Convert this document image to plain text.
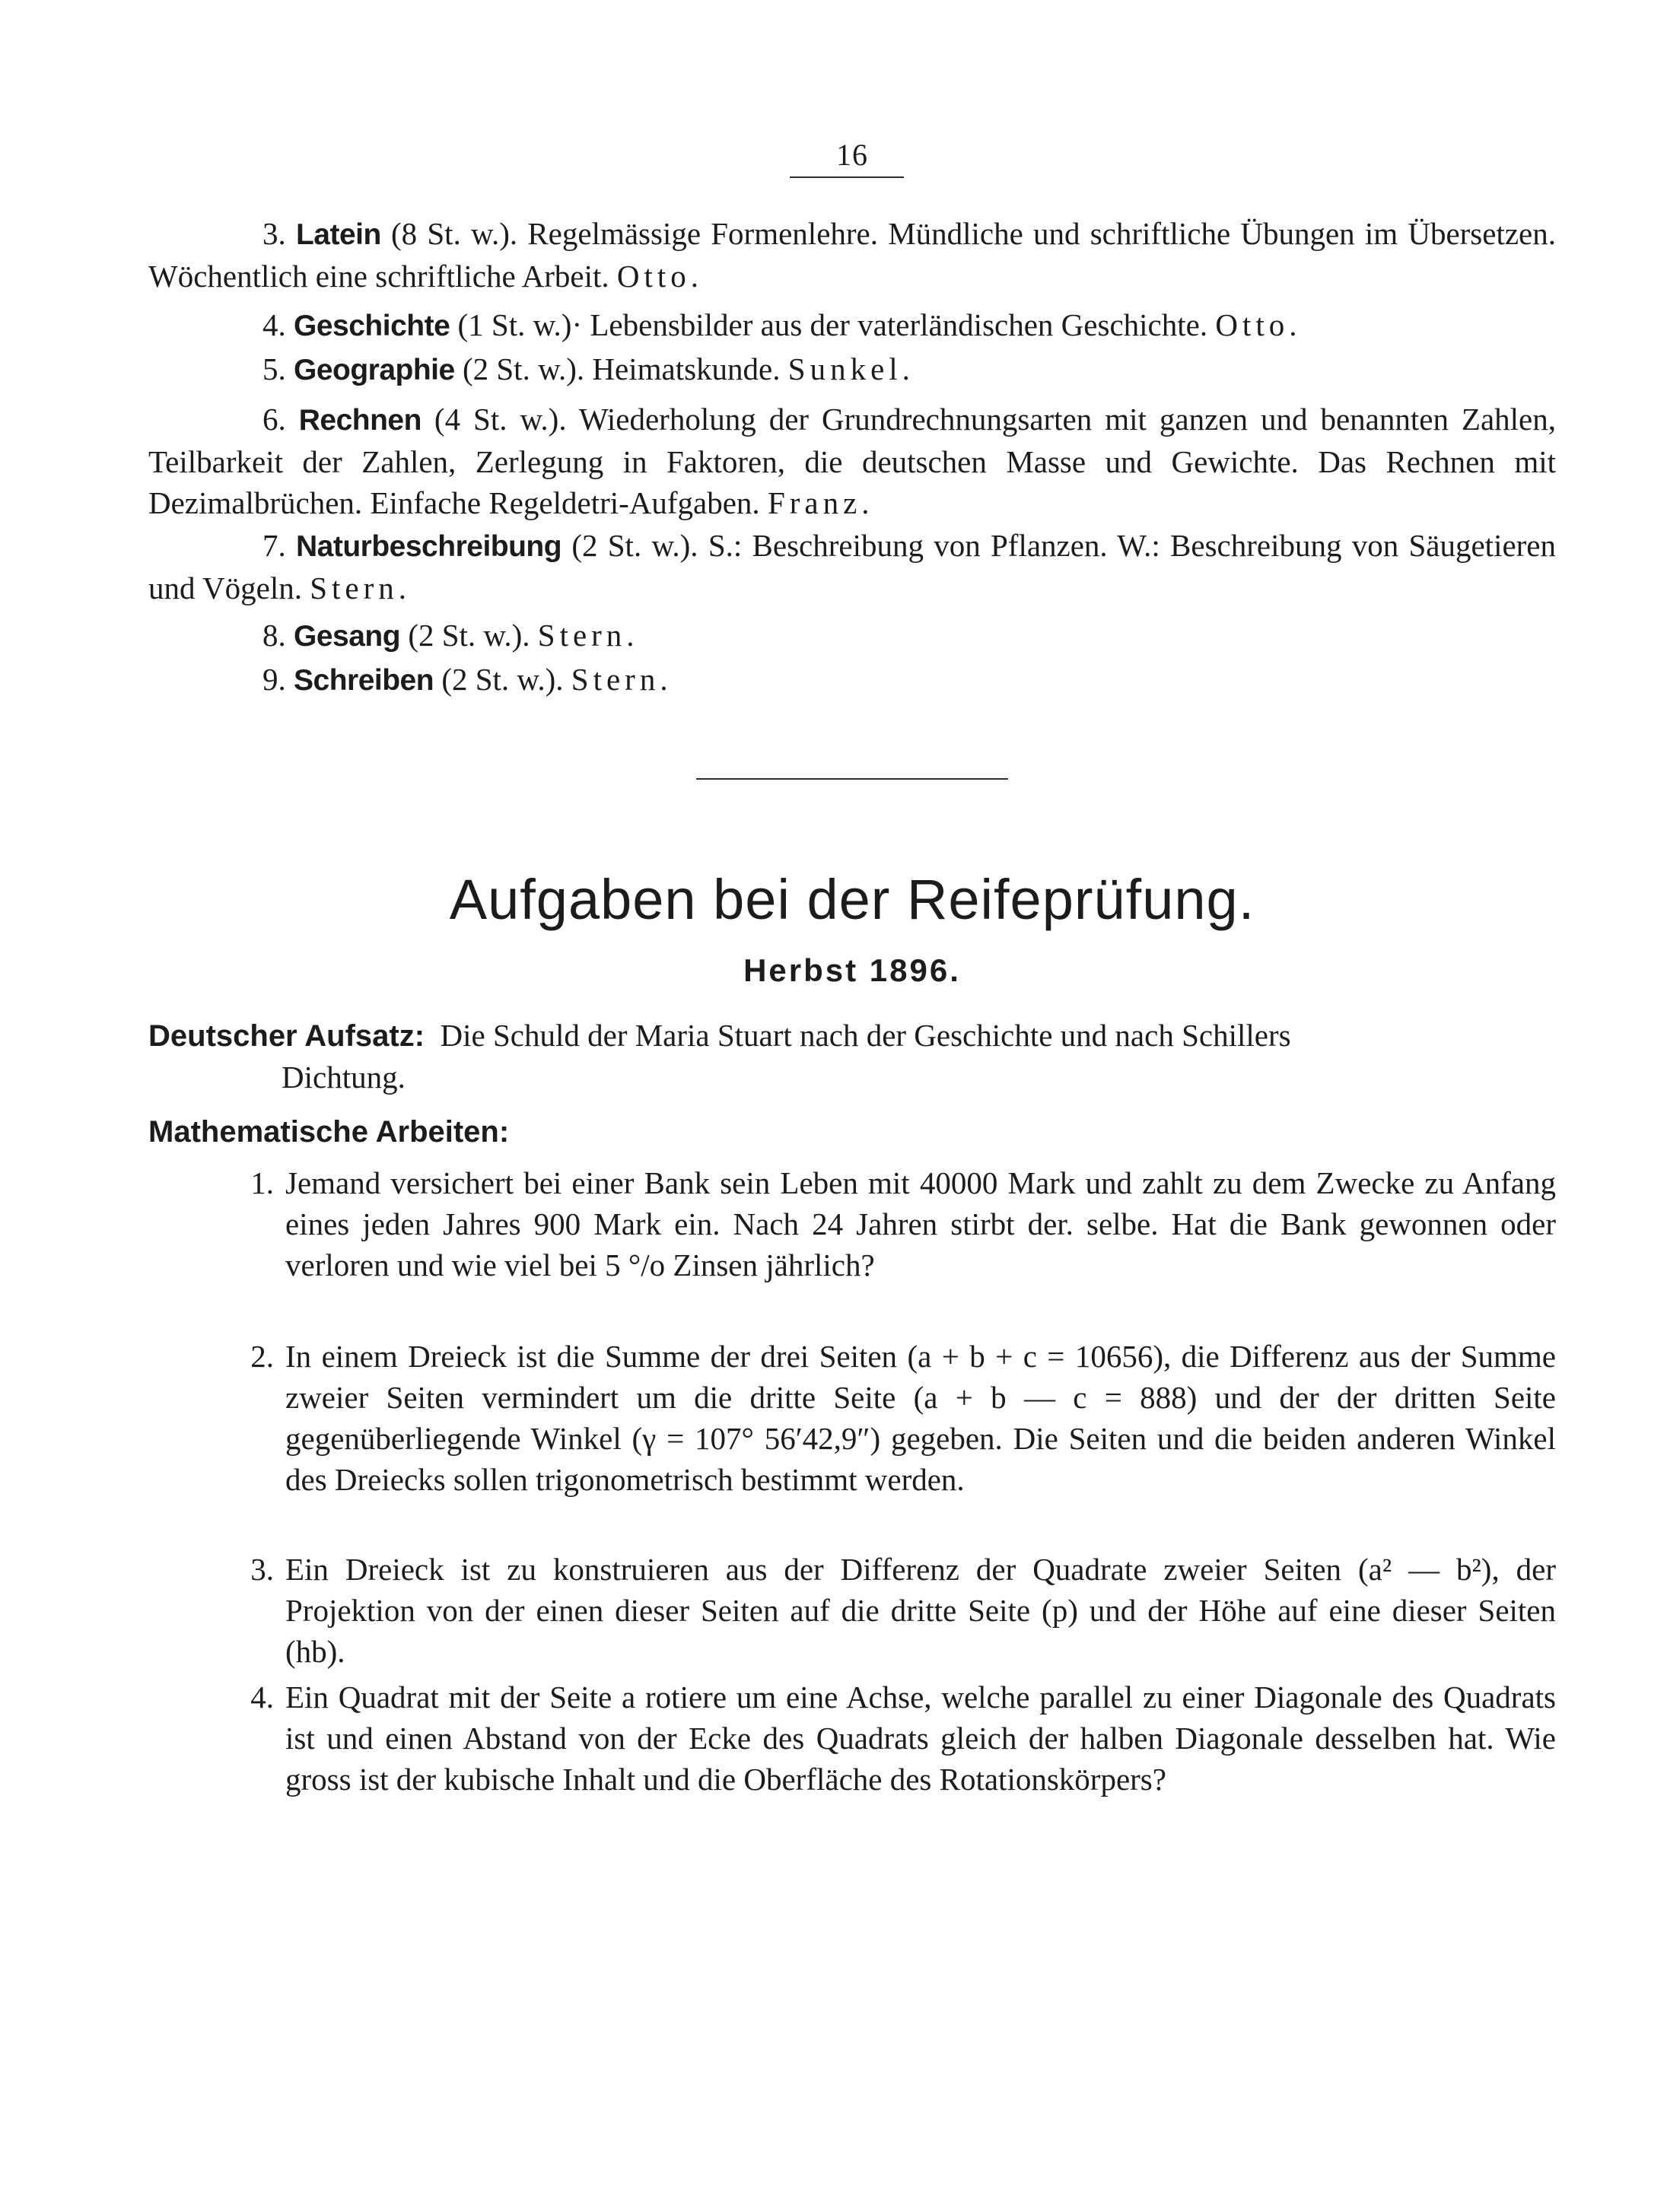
16

3. Latein (8 St. w.). Regelmässige Formenlehre. Mündliche und schriftliche Übungen im Übersetzen. Wöchentlich eine schriftliche Arbeit. Otto.

4. Geschichte (1 St. w.)· Lebensbilder aus der vaterländischen Geschichte. Otto.

5. Geographie (2 St. w.). Heimatskunde. Sunkel.

6. Rechnen (4 St. w.). Wiederholung der Grundrechnungsarten mit ganzen und benannten Zahlen, Teilbarkeit der Zahlen, Zerlegung in Faktoren, die deutschen Masse und Gewichte. Das Rechnen mit Dezimalbrüchen. Einfache Regeldetri-Aufgaben. Franz.

7. Naturbeschreibung (2 St. w.). S.: Beschreibung von Pflanzen. W.: Beschreibung von Säugetieren und Vögeln. Stern.

8. Gesang (2 St. w.). Stern.

9. Schreiben (2 St. w.). Stern.

Aufgaben bei der Reifeprüfung.
Herbst 1896.
Deutscher Aufsatz: Die Schuld der Maria Stuart nach der Geschichte und nach Schillers
Dichtung.
Mathematische Arbeiten:
1. Jemand versichert bei einer Bank sein Leben mit 40000 Mark und zahlt zu dem Zwecke zu Anfang eines jeden Jahres 900 Mark ein. Nach 24 Jahren stirbt der. selbe. Hat die Bank gewonnen oder verloren und wie viel bei 5 °/o Zinsen jährlich?
2. In einem Dreieck ist die Summe der drei Seiten (a + b + c = 10656), die Differenz aus der Summe zweier Seiten vermindert um die dritte Seite (a + b — c = 888) und der der dritten Seite gegenüberliegende Winkel (γ = 107° 56′42,9″) gegeben. Die Seiten und die beiden anderen Winkel des Dreiecks sollen trigonometrisch bestimmt werden.
3. Ein Dreieck ist zu konstruieren aus der Differenz der Quadrate zweier Seiten (a² — b²), der Projektion von der einen dieser Seiten auf die dritte Seite (p) und der Höhe auf eine dieser Seiten (hb).
4. Ein Quadrat mit der Seite a rotiere um eine Achse, welche parallel zu einer Diagonale des Quadrats ist und einen Abstand von der Ecke des Quadrats gleich der halben Diagonale desselben hat. Wie gross ist der kubische Inhalt und die Oberfläche des Rotationskörpers?
